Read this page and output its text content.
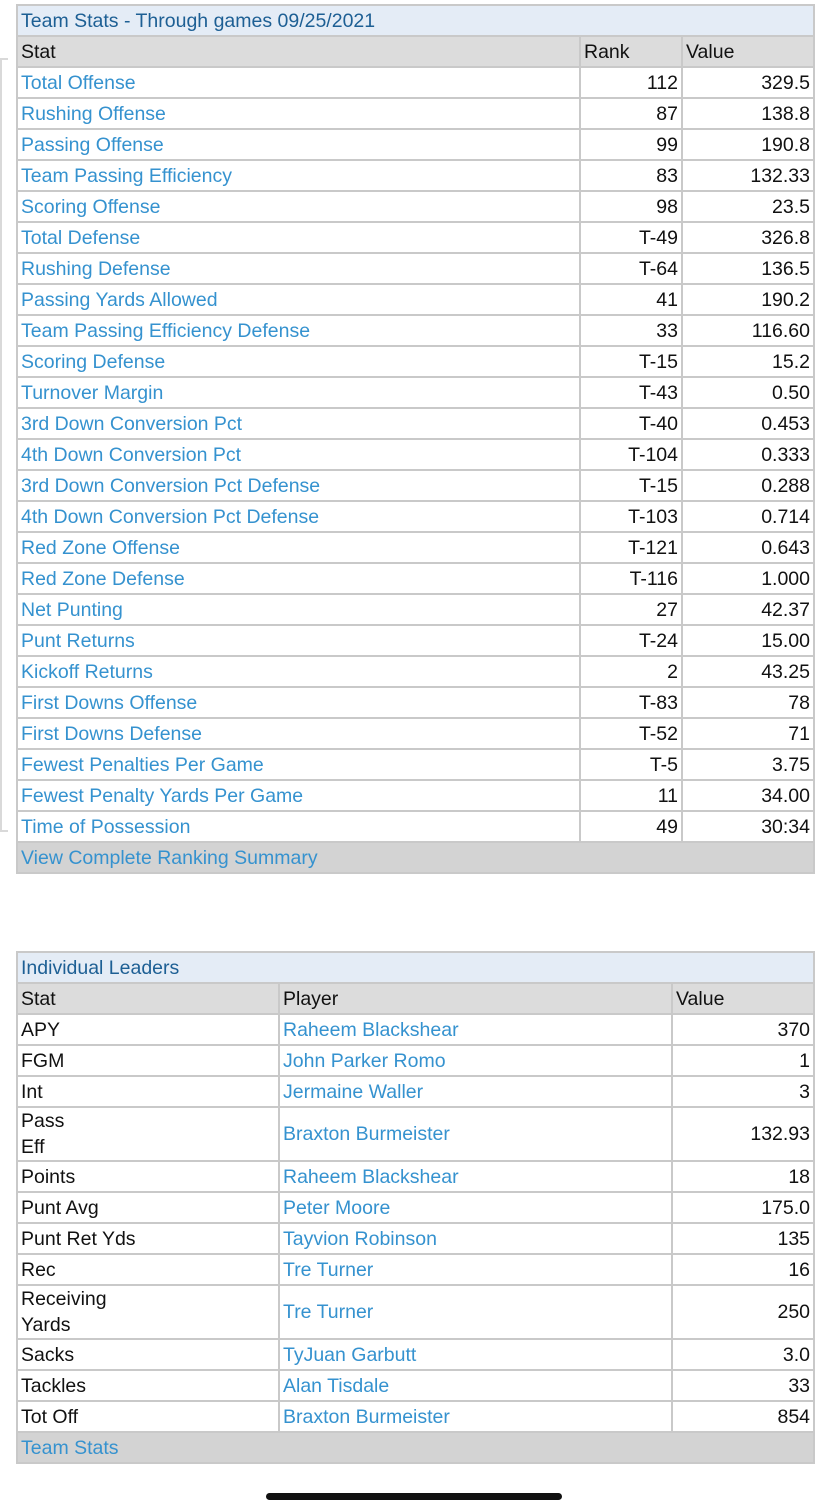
Team Stats - Through games 09/25/2021		
Stat	Rank	Value
Total Offense	112	329.5
Rushing Offense	87	138.8
Passing Offense	99	190.8
Team Passing Efficiency	83	132.33
Scoring Offense	98	23.5
Total Defense	T-49	326.8
Rushing Defense	T-64	136.5
Passing Yards Allowed	41	190.2
Team Passing Efficiency Defense	33	116.60
Scoring Defense	T-15	15.2
Turnover Margin	T-43	0.50
3rd Down Conversion Pct	T-40	0.453
4th Down Conversion Pct	T-104	0.333
3rd Down Conversion Pct Defense	T-15	0.288
4th Down Conversion Pct Defense	T-103	0.714
Red Zone Offense	T-121	0.643
Red Zone Defense	T-116	1.000
Net Punting	27	42.37
Punt Returns	T-24	15.00
Kickoff Returns	2	43.25
First Downs Offense	T-83	78
First Downs Defense	T-52	71
Fewest Penalties Per Game	T-5	3.75
Fewest Penalty Yards Per Game	11	34.00
Time of Possession	49	30:34
View Complete Ranking Summary		
Individual Leaders		
Stat	Player	Value
APY	Raheem Blackshear	370
FGM	John Parker Romo	1
Int	Jermaine Waller	3
Pass Eff	Braxton Burmeister	132.93
Points	Raheem Blackshear	18
Punt Avg	Peter Moore	175.0
Punt Ret Yds	Tayvion Robinson	135
Rec	Tre Turner	16
Receiving Yards	Tre Turner	250
Sacks	TyJuan Garbutt	3.0
Tackles	Alan Tisdale	33
Tot Off	Braxton Burmeister	854
Team Stats		
